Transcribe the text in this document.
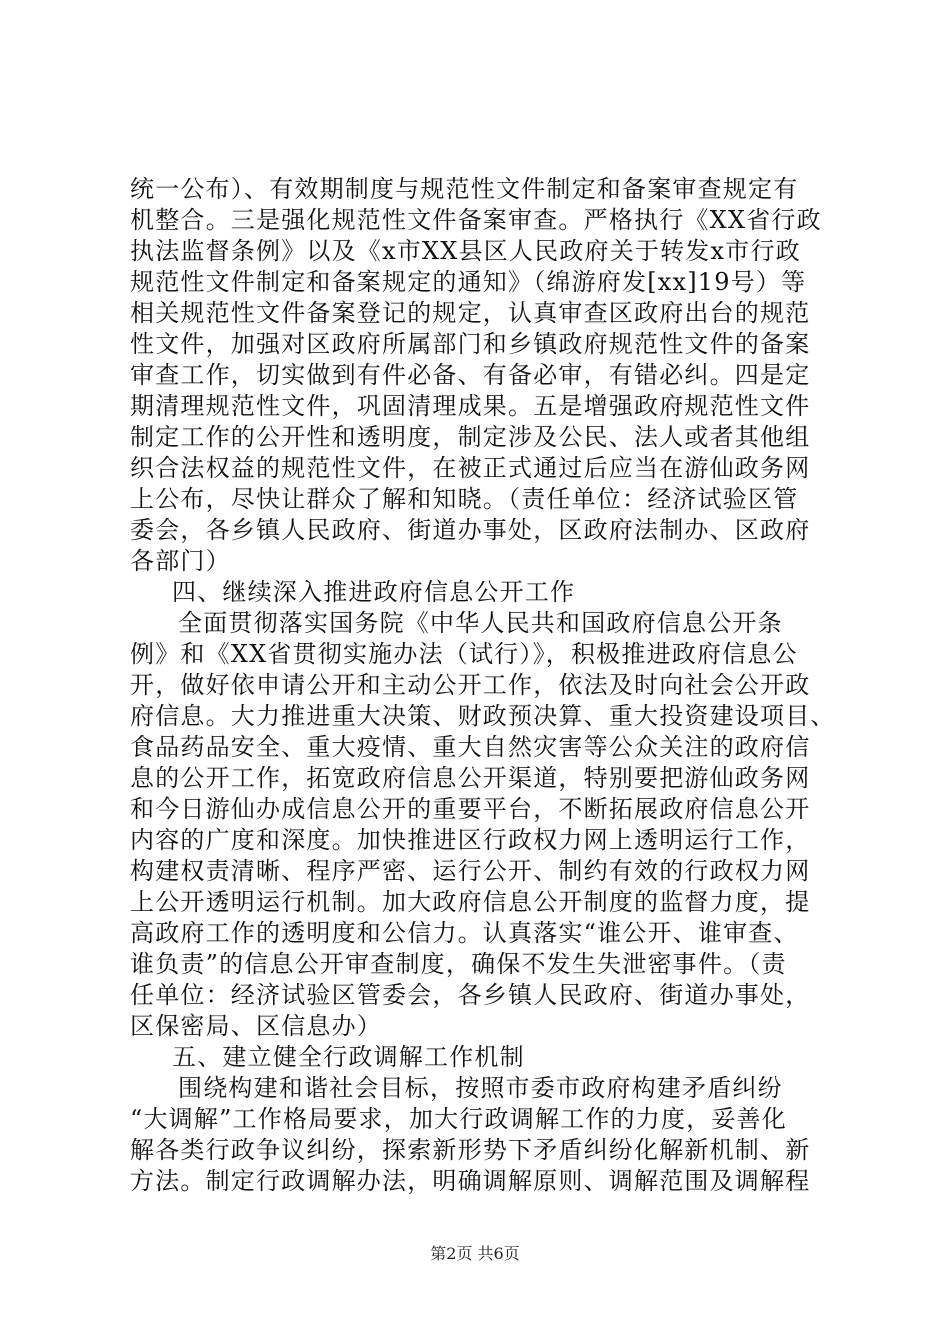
统一公布）、有效期制度与规范性文件制定和备案审查规定有
机整合。三是强化规范性文件备案审查。严格执行《XX省行政
执法监督条例》以及《x市XX县区人民政府关于转发x市行政
规范性文件制定和备案规定的通知》（绵游府发[xx]19号）等
相关规范性文件备案登记的规定，认真审查区政府出台的规范
性文件，加强对区政府所属部门和乡镇政府规范性文件的备案
审查工作，切实做到有件必备、有备必审，有错必纠。四是定
期清理规范性文件，巩固清理成果。五是增强政府规范性文件
制定工作的公开性和透明度，制定涉及公民、法人或者其他组
织合法权益的规范性文件，在被正式通过后应当在游仙政务网
上公布，尽快让群众了解和知晓。（责任单位：经济试验区管
委会，各乡镇人民政府、街道办事处，区政府法制办、区政府
各部门）
四、继续深入推进政府信息公开工作
全面贯彻落实国务院《中华人民共和国政府信息公开条
例》和《XX省贯彻实施办法（试行）》，积极推进政府信息公
开，做好依申请公开和主动公开工作，依法及时向社会公开政
府信息。大力推进重大决策、财政预决算、重大投资建设项目、
食品药品安全、重大疫情、重大自然灾害等公众关注的政府信
息的公开工作，拓宽政府信息公开渠道，特别要把游仙政务网
和今日游仙办成信息公开的重要平台，不断拓展政府信息公开
内容的广度和深度。加快推进区行政权力网上透明运行工作，
构建权责清晰、程序严密、运行公开、制约有效的行政权力网
上公开透明运行机制。加大政府信息公开制度的监督力度，提
高政府工作的透明度和公信力。认真落实“谁公开、谁审查、
谁负责”的信息公开审查制度，确保不发生失泄密事件。（责
任单位：经济试验区管委会，各乡镇人民政府、街道办事处，
区保密局、区信息办）
五、建立健全行政调解工作机制
围绕构建和谐社会目标，按照市委市政府构建矛盾纠纷
“大调解”工作格局要求，加大行政调解工作的力度，妥善化
解各类行政争议纠纷，探索新形势下矛盾纠纷化解新机制、新
方法。制定行政调解办法，明确调解原则、调解范围及调解程
第2页 共6页
